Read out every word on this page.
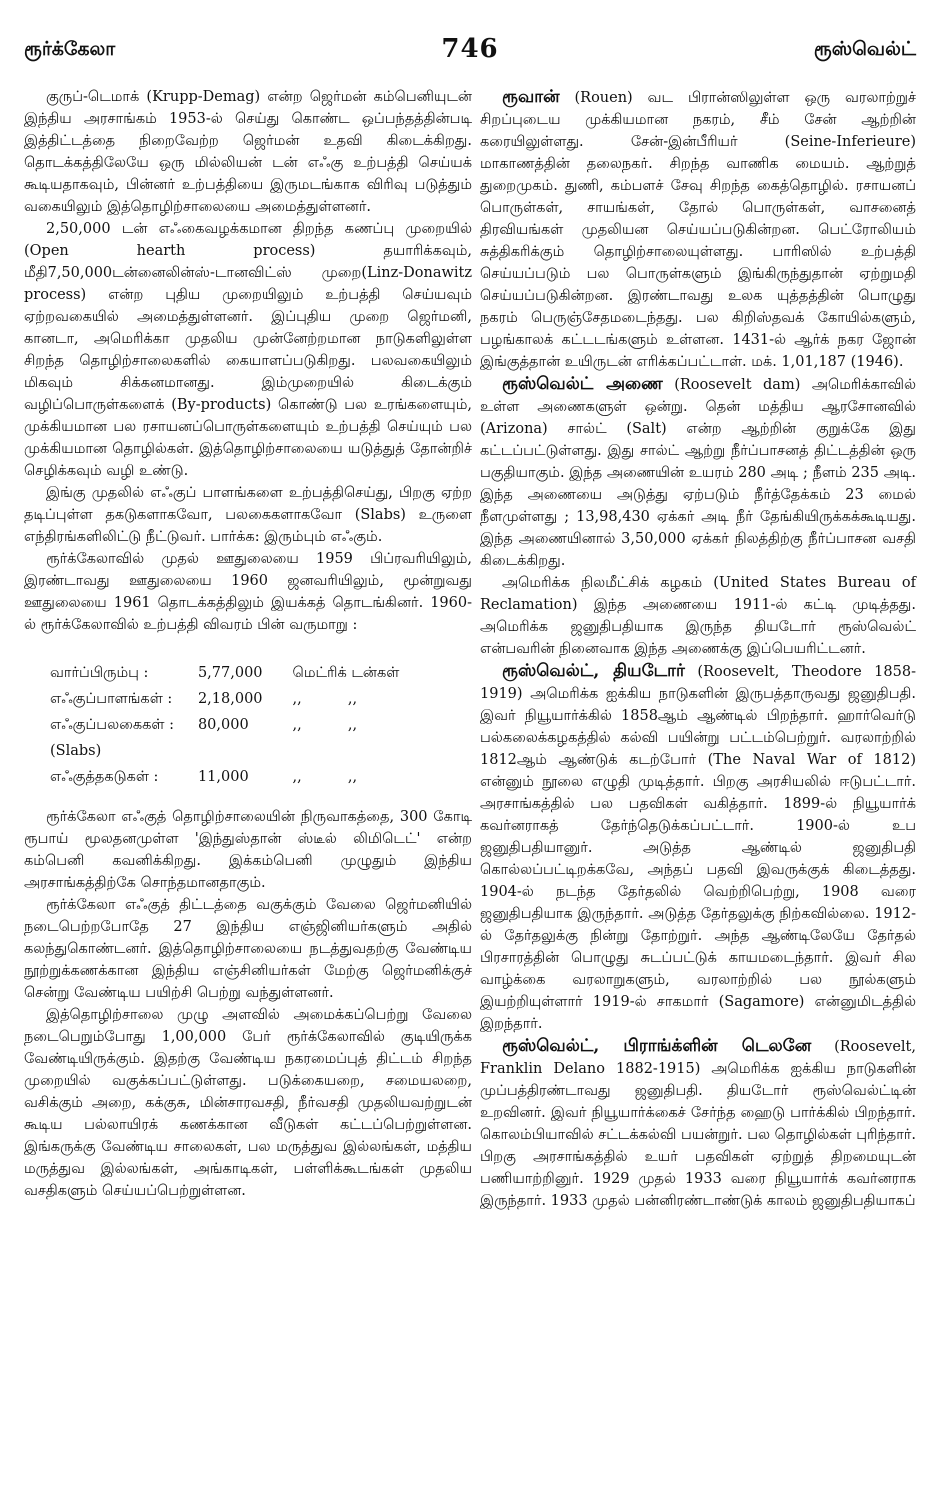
ரூர்க்கேலா	746	ரூஸ்வெல்ட்

குருப்-டெமாக் (Krupp-Demag) என்ற ஜெர்மன் கம்பெனியுடன் இந்திய அரசாங்கம் 1953-ல் செய்து கொண்ட ஒப்பந்தத்தின்படி இத்திட்டத்தை நிறைவேற்ற ஜெர்மன் உதவி கிடைக்கிறது. தொடக்கத்திலேயே ஒரு மில்லியன் டன் எஃகு உற்பத்தி செய்யக் கூடியதாகவும், பின்னர் உற்பத்தியை இருமடங்காக விரிவு படுத்தும் வகையிலும் இத்தொழிற்சாலையை அமைத்துள்ளனர்.

2,50,000 டன் எஃகைவழக்கமான திறந்த கணப்பு முறையில் (Open hearth process) தயாரிக்கவும், மீதி7,50,000டன்னைலின்ஸ்-டானவிட்ஸ் முறை(Linz-Donawitz process) என்ற புதிய முறையிலும் உற்பத்தி செய்யவும் ஏற்றவகையில் அமைத்துள்ளனர். இப்புதிய முறை ஜெர்மனி, கானடா, அமெரிக்கா முதலிய முன்னேற்றமான நாடுகளிலுள்ள சிறந்த தொழிற்சாலைகளில் கையாளப்படுகிறது. பலவகையிலும் மிகவும் சிக்கனமானது. இம்முறையில் கிடைக்கும் வழிப்பொருள்களைக் (By-products) கொண்டு பல உரங்களையும், முக்கியமான பல ரசாயனப்பொருள்களையும் உற்பத்தி செய்யும் பல முக்கியமான தொழில்கள். இத்தொழிற்சாலையை யடுத்துத் தோன்றிச் செழிக்கவும் வழி உண்டு.

இங்கு முதலில் எஃகுப் பாளங்களை உற்பத்திசெய்து, பிறகு ஏற்ற தடிப்புள்ள தகடுகளாகவோ, பலகைகளாகவோ (Slabs) உருளை எந்திரங்களிலிட்டு நீட்டுவர். பார்க்க: இரும்பும் எஃகும்.

ரூர்க்கேலாவில் முதல் ஊதுலையை 1959 பிப்ரவரியிலும், இரண்டாவது ஊதுலையை 1960 ஜனவரியிலும், மூன்றுவது ஊதுலையை 1961 தொடக்கத்திலும் இயக்கத் தொடங்கினர். 1960-ல் ரூர்க்கேலாவில் உற்பத்தி விவரம் பின் வருமாறு :

வார்ப்பிரும்பு :	5,77,000	மெட்ரிக் டன்கள்
எஃகுப்பாளங்கள் :	2,18,000	,,          ,,
எஃகுப்பலகைகள் :	80,000	,,          ,,
(Slabs)		
எஃகுத்தகடுகள் :	11,000	,,          ,,

ரூர்க்கேலா எஃகுத் தொழிற்சாலையின் நிருவாகத்தை, 300 கோடி ரூபாய் மூலதனமுள்ள 'இந்துஸ்தான் ஸ்டீல் லிமிடெட்' என்ற கம்பெனி கவனிக்கிறது. இக்கம்பெனி முழுதும் இந்திய அரசாங்கத்திற்கே சொந்தமானதாகும்.

ரூர்க்கேலா எஃகுத் திட்டத்தை வகுக்கும் வேலை ஜெர்மனியில் நடைபெற்றபோதே 27 இந்திய எஞ்ஜினியர்களும் அதில் கலந்துகொண்டனர். இத்தொழிற்சாலையை நடத்துவதற்கு வேண்டிய நூற்றுக்கணக்கான இந்திய எஞ்சினியர்கள் மேற்கு ஜெர்மனிக்குச் சென்று வேண்டிய பயிற்சி பெற்று வந்துள்ளனர்.

இத்தொழிற்சாலை முழு அளவில் அமைக்கப்பெற்று வேலை நடைபெறும்போது 1,00,000 பேர் ரூர்க்கேலாவில் குடியிருக்க வேண்டியிருக்கும். இதற்கு வேண்டிய நகரமைப்புத் திட்டம் சிறந்த முறையில் வகுக்கப்பட்டுள்ளது. படுக்கையறை, சமையலறை, வசிக்கும் அறை, கக்குசு, மின்சாரவசதி, நீர்வசதி முதலியவற்றுடன் கூடிய பல்லாயிரக் கணக்கான வீடுகள் கட்டப்பெற்றுள்ளன. இங்கருக்கு வேண்டிய சாலைகள், பல மருத்துவ இல்லங்கள், மத்திய மருத்துவ இல்லங்கள், அங்காடிகள், பள்ளிக்கூடங்கள் முதலிய வசதிகளும் செய்யப்பெற்றுள்ளன.

ரூவான் (Rouen) வட பிரான்ஸிலுள்ள ஒரு வரலாற்றுச் சிறப்புடைய முக்கியமான நகரம், சீம் சேன் ஆற்றின் கரையிலுள்ளது. சேன்-இன்பீரியர் (Seine-Inferieure) மாகாணத்தின் தலைநகர். சிறந்த வாணிக மையம். ஆற்றுத் துறைமுகம். துணி, கம்பளச் சேவு சிறந்த கைத்தொழில். ரசாயனப் பொருள்கள், சாயங்கள், தோல் பொருள்கள், வாசனைத் திரவியங்கள் முதலியன செய்யப்படுகின்றன. பெட்ரோலியம் சுத்திகரிக்கும் தொழிற்சாலையுள்ளது. பாரிஸில் உற்பத்தி செய்யப்படும் பல பொருள்களும் இங்கிருந்துதான் ஏற்றுமதி செய்யப்படுகின்றன. இரண்டாவது உலக யுத்தத்தின் பொழுது நகரம் பெருஞ்சேதமடைந்தது. பல கிறிஸ்தவக் கோயில்களும், பழங்காலக் கட்டடங்களும் உள்ளன. 1431-ல் ஆர்க் நகர ஜோன் இங்குத்தான் உயிருடன் எரிக்கப்பட்டாள். மக். 1,01,187 (1946).

ரூஸ்வெல்ட் அணை (Roosevelt dam) அமெரிக்காவில் உள்ள அணைகளுள் ஒன்று. தென் மத்திய ஆரசோனவில் (Arizona) சால்ட் (Salt) என்ற ஆற்றின் குறுக்கே இது கட்டப்பட்டுள்ளது. இது சால்ட் ஆற்று நீர்ப்பாசனத் திட்டத்தின் ஒரு பகுதியாகும். இந்த அணையின் உயரம் 280 அடி ; நீளம் 235 அடி. இந்த அணையை அடுத்து ஏற்படும் நீர்த்தேக்கம் 23 மைல் நீளமுள்ளது ; 13,98,430 ஏக்கர் அடி நீர் தேங்கியிருக்கக்கூடியது. இந்த அணையினால் 3,50,000 ஏக்கர் நிலத்திற்கு நீர்ப்பாசன வசதி கிடைக்கிறது.

அமெரிக்க நிலமீட்சிக் கழகம் (United States Bureau of Reclamation) இந்த அணையை 1911-ல் கட்டி முடித்தது. அமெரிக்க ஜனுதிபதியாக இருந்த தியடோர் ரூஸ்வெல்ட் என்பவரின் நினைவாக இந்த அணைக்கு இப்பெயரிட்டனர்.

ரூஸ்வெல்ட், தியடோர் (Roosevelt, Theodore 1858-1919) அமெரிக்க ஐக்கிய நாடுகளின் இருபத்தாருவது ஜனுதிபதி. இவர் நியூயார்க்கில் 1858ஆம் ஆண்டில் பிறந்தார். ஹார்வெர்டு பல்கலைக்கழகத்தில் கல்வி பயின்று பட்டம்பெற்றுர். வரலாற்றில் 1812ஆம் ஆண்டுக் கடற்போர் (The Naval War of 1812) என்னும் நூலை எழுதி முடித்தார். பிறகு அரசியலில் ஈடுபட்டார். அரசாங்கத்தில் பல பதவிகள் வகித்தார். 1899-ல் நியூயார்க் கவர்னராகத் தேர்ந்தெடுக்கப்பட்டார். 1900-ல் உப ஜனுதிபதியானுர். அடுத்த ஆண்டில் ஜனுதிபதி கொல்லப்பட்டிறக்கவே, அந்தப் பதவி இவருக்குக் கிடைத்தது. 1904-ல் நடந்த தேர்தலில் வெற்றிபெற்று, 1908 வரை ஜனுதிபதியாக இருந்தார். அடுத்த தேர்தலுக்கு நிற்கவில்லை. 1912-ல் தேர்தலுக்கு நின்று தோற்றுர். அந்த ஆண்டிலேயே தேர்தல் பிரசாரத்தின் பொழுது சுடப்பட்டுக் காயமடைந்தார். இவர் சில வாழ்க்கை வரலாறுகளும், வரலாற்றில் பல நூல்களும் இயற்றியுள்ளார் 1919-ல் சாகமார் (Sagamore) என்னுமிடத்தில் இறந்தார்.

ரூஸ்வெல்ட், பிராங்க்ளின் டெலனே (Roosevelt, Franklin Delano 1882-1915) அமெரிக்க ஐக்கிய நாடுகளின் முப்பத்திரண்டாவது ஜனுதிபதி. தியடோர் ரூஸ்வெல்ட்டின் உறவினர். இவர் நியூயார்க்கைச் சேர்ந்த ஹைடு பார்க்கில் பிறந்தார். கொலம்பியாவில் சட்டக்கல்வி பயன்றுர். பல தொழில்கள் புரிந்தார். பிறகு அரசாங்கத்தில் உயர் பதவிகள் ஏற்றுத் திறமையுடன் பணியாற்றினுர். 1929 முதல் 1933 வரை நியூயார்க் கவர்னராக இருந்தார். 1933 முதல் பன்னிரண்டாண்டுக் காலம் ஜனுதிபதியாகப்
